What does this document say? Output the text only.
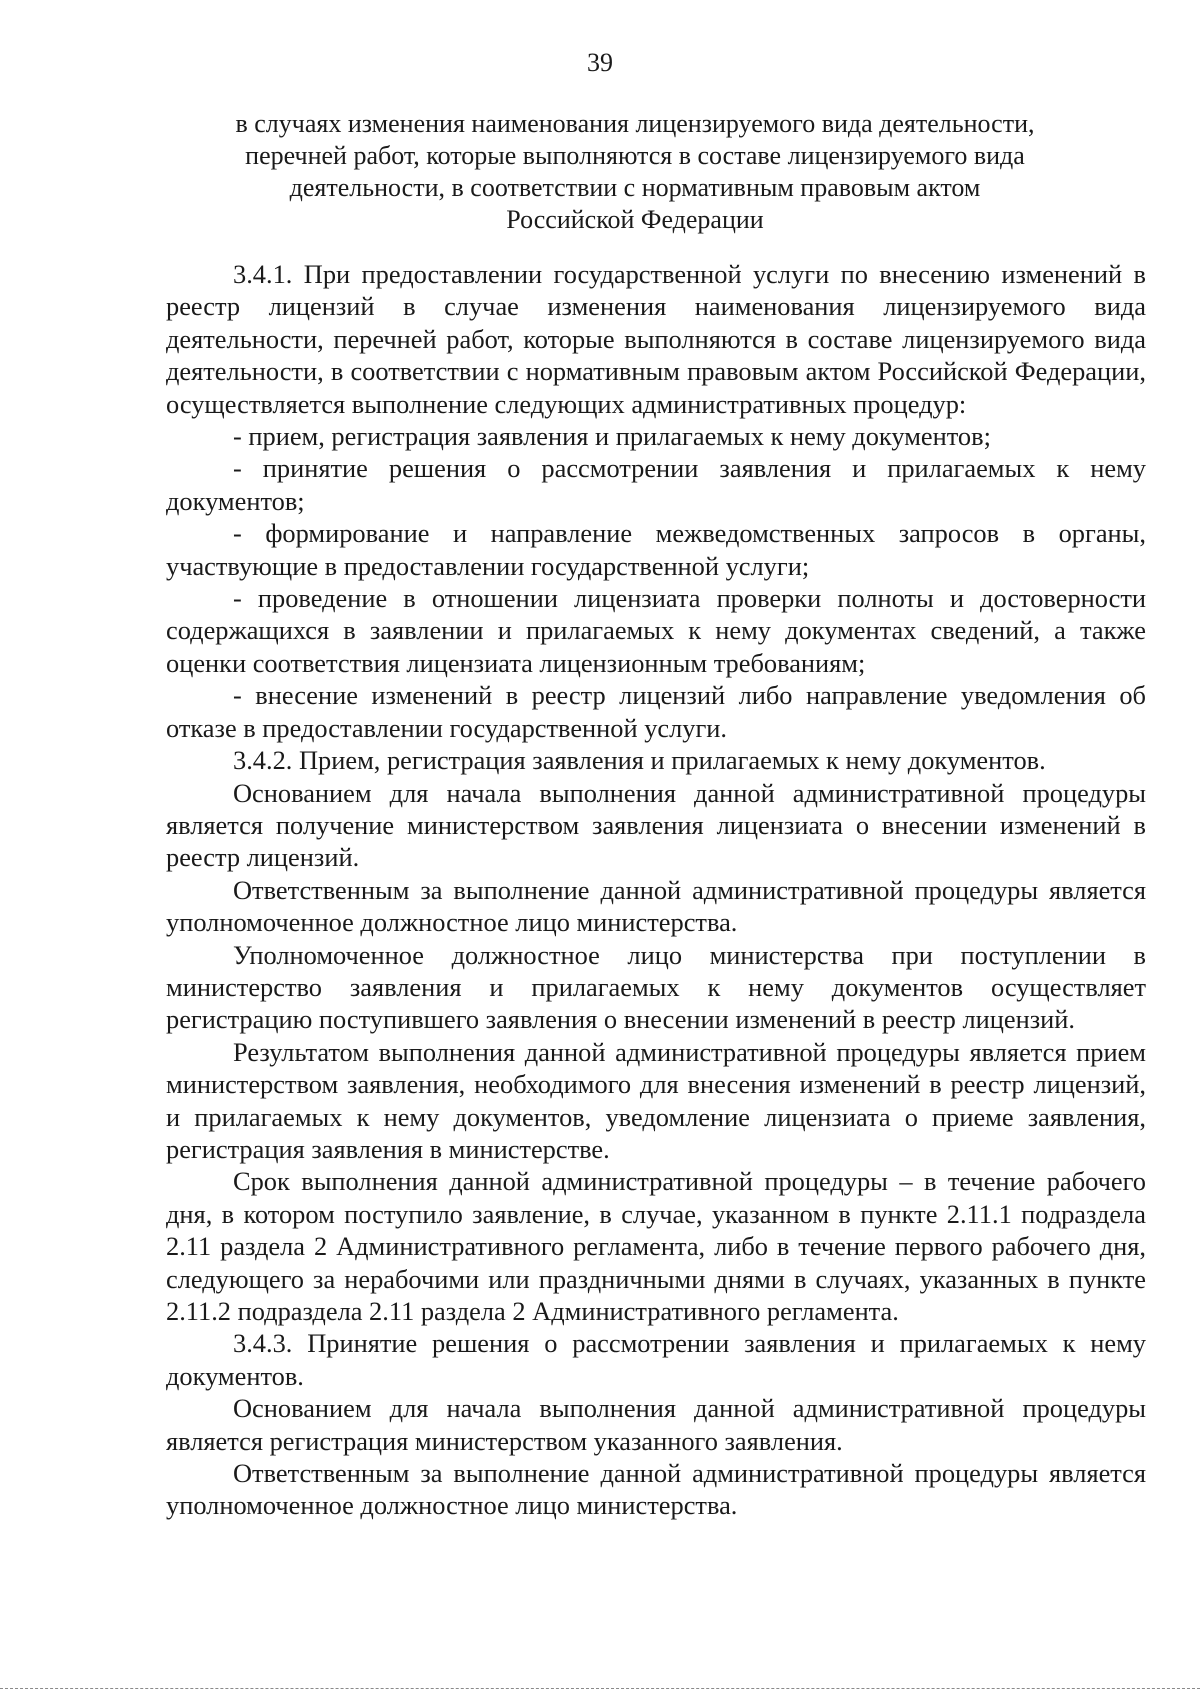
39
в случаях изменения наименования лицензируемого вида деятельности,
перечней работ, которые выполняются в составе лицензируемого вида
деятельности, в соответствии с нормативным правовым актом
Российской Федерации

3.4.1. При предоставлении государственной услуги по внесению изменений в реестр лицензий в случае изменения наименования лицензируемого вида деятельности, перечней работ, которые выполняются в составе лицензируемого вида деятельности, в соответствии с нормативным правовым актом Российской Федерации, осуществляется выполнение следующих административных процедур:

- прием, регистрация заявления и прилагаемых к нему документов;

- принятие решения о рассмотрении заявления и прилагаемых к нему документов;

- формирование и направление межведомственных запросов в органы, участвующие в предоставлении государственной услуги;

- проведение в отношении лицензиата проверки полноты и достоверности содержащихся в заявлении и прилагаемых к нему документах сведений, а также оценки соответствия лицензиата лицензионным требованиям;

- внесение изменений в реестр лицензий либо направление уведомления об отказе в предоставлении государственной услуги.

3.4.2. Прием, регистрация заявления и прилагаемых к нему документов.

Основанием для начала выполнения данной административной процедуры является получение министерством заявления лицензиата о внесении изменений в реестр лицензий.

Ответственным за выполнение данной административной процедуры является уполномоченное должностное лицо министерства.

Уполномоченное должностное лицо министерства при поступлении в министерство заявления и прилагаемых к нему документов осуществляет регистрацию поступившего заявления о внесении изменений в реестр лицензий.

Результатом выполнения данной административной процедуры является прием министерством заявления, необходимого для внесения изменений в реестр лицензий, и прилагаемых к нему документов, уведомление лицензиата о приеме заявления, регистрация заявления в министерстве.

Срок выполнения данной административной процедуры – в течение рабочего дня, в котором поступило заявление, в случае, указанном в пункте 2.11.1 подраздела 2.11 раздела 2 Административного регламента, либо в течение первого рабочего дня, следующего за нерабочими или праздничными днями в случаях, указанных в пункте 2.11.2 подраздела 2.11 раздела 2 Административного регламента.

3.4.3. Принятие решения о рассмотрении заявления и прилагаемых к нему документов.

Основанием для начала выполнения данной административной процедуры является регистрация министерством указанного заявления.

Ответственным за выполнение данной административной процедуры является уполномоченное должностное лицо министерства.
